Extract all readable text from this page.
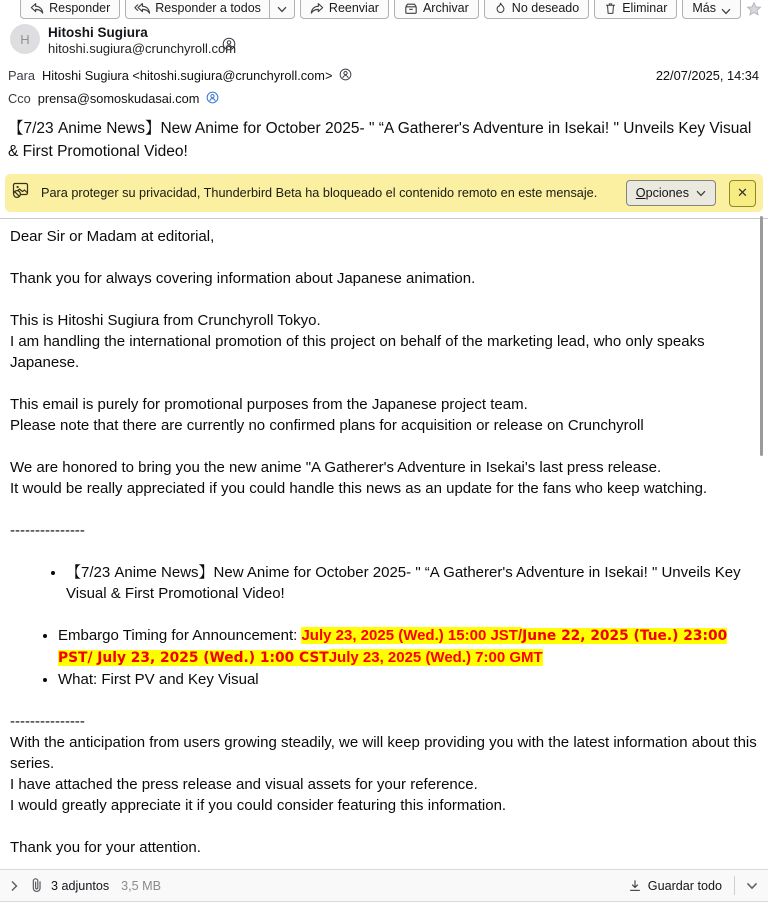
Responder	Responder a todos	Reenviar	Archivar	No deseado	Eliminar Más
H	Hitoshi Sugiura
hitoshi.sugiura@crunchyroll.com
Para Hitoshi Sugiura <hitoshi.sugiura@crunchyroll.com>	22/07/2025, 14:34
Cco prensa@somoskudasai.com
【7/23 Anime News】New Anime for October 2025- " “A Gatherer's Adventure in Isekai! " Unveils Key Visual & First Promotional Video!
Para proteger su privacidad, Thunderbird Beta ha bloqueado el contenido remoto en este mensaje.	Opciones	✕
Dear Sir or Madam at editorial,
Thank you for always covering information about Japanese animation.
This is Hitoshi Sugiura from Crunchyroll Tokyo.
I am handling the international promotion of this project on behalf of the marketing lead, who only speaks Japanese.
This email is purely for promotional purposes from the Japanese project team.
Please note that there are currently no confirmed plans for acquisition or release on Crunchyroll
We are honored to bring you the new anime "A Gatherer's Adventure in Isekai's last press release.
It would be really appreciated if you could handle this news as an update for the fans who keep watching.
---------------
• 【7/23 Anime News】New Anime for October 2025- " “A Gatherer's Adventure in Isekai! " Unveils Key Visual & First Promotional Video!
• Embargo Timing for Announcement: July 23, 2025 (Wed.) 15:00 JST/June 22, 2025 (Tue.) 23:00 PST/ July 23, 2025 (Wed.) 1:00 CSTJuly 23, 2025 (Wed.) 7:00 GMT
• What: First PV and Key Visual
---------------
With the anticipation from users growing steadily, we will keep providing you with the latest information about this series.
I have attached the press release and visual assets for your reference.
I would greatly appreciate it if you could consider featuring this information.
Thank you for your attention.
3 adjuntos 3,5 MB	Guardar todo
